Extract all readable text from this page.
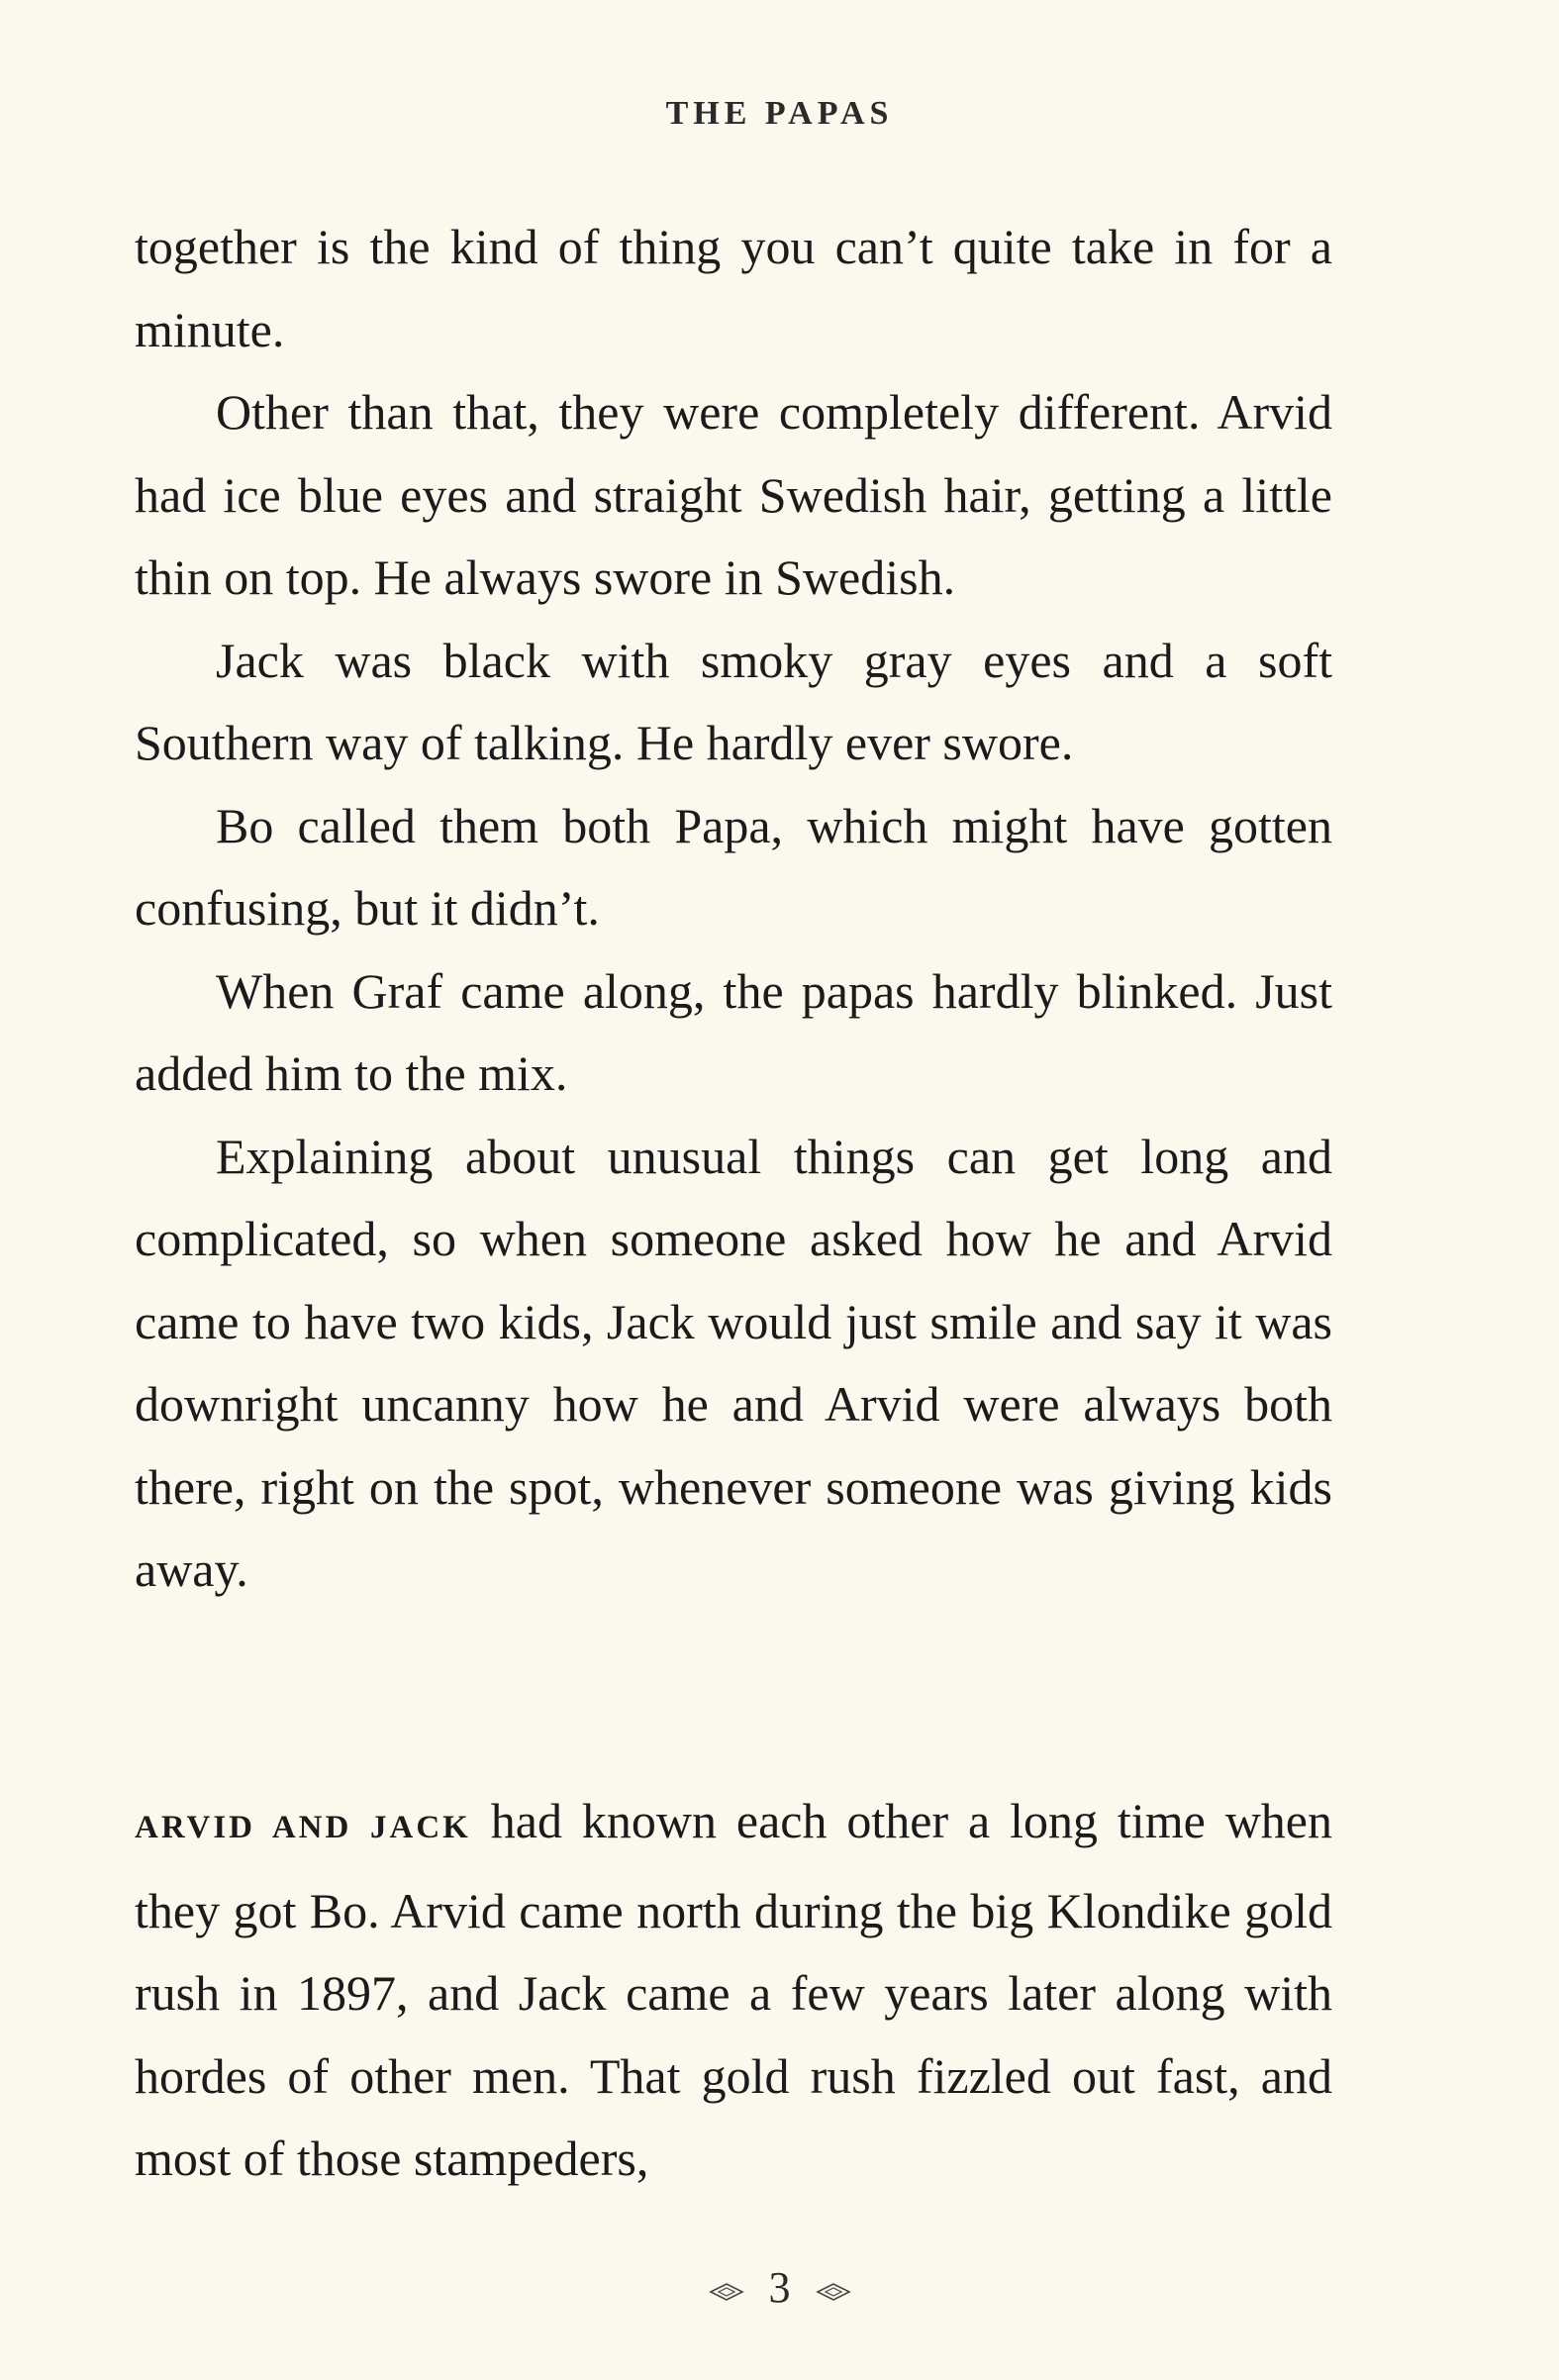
THE PAPAS

together is the kind of thing you can’t quite take in for a minute.

Other than that, they were completely different. Arvid had ice blue eyes and straight Swedish hair, getting a little thin on top. He always swore in Swedish.

Jack was black with smoky gray eyes and a soft Southern way of talking. He hardly ever swore.

Bo called them both Papa, which might have gotten confusing, but it didn’t.

When Graf came along, the papas hardly blinked. Just added him to the mix.

Explaining about unusual things can get long and complicated, so when someone asked how he and Arvid came to have two kids, Jack would just smile and say it was downright uncanny how he and Arvid were always both there, right on the spot, whenever someone was giving kids away.

ARVID AND JACK had known each other a long time when they got Bo. Arvid came north during the big Klondike gold rush in 1897, and Jack came a few years later along with hordes of other men. That gold rush fizzled out fast, and most of those stampeders,

3
